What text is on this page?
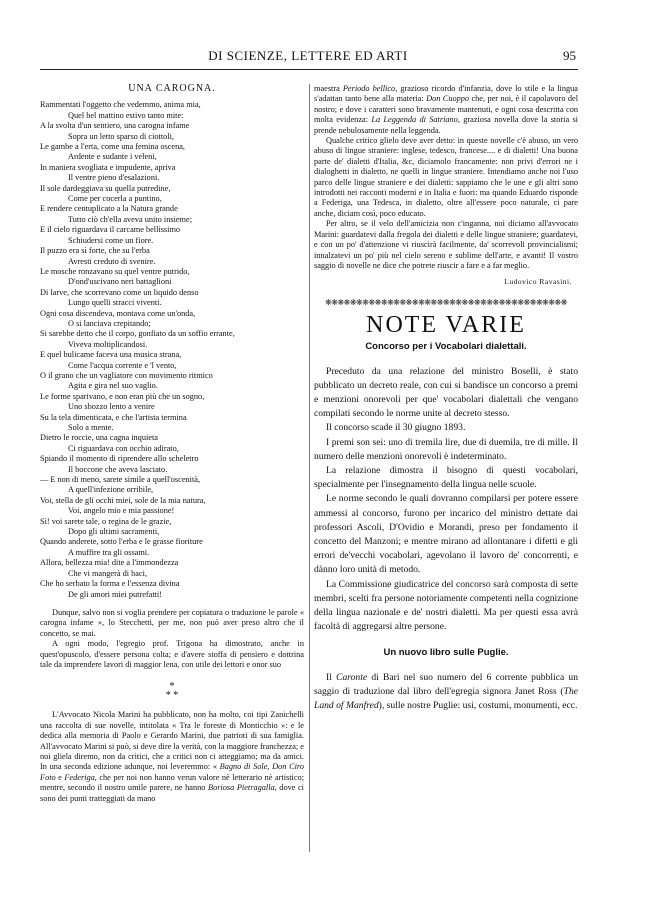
DI SCIENZE, LETTERE ED ARTI	95
UNA CAROGNA.
Rammentati l'oggetto che vedemmo, anima mia,
Quel bel mattino estivo tanto mite:
A la svolta d'un sentiero, una carogna infame
Sopra un letto sparso di ciottoli,
Le gambe a l'erta, come una femina oscena,
Ardente e sudante i veleni,
In maniera svogliata e impudente, apriva
Il ventre pieno d'esalazioni.
Il sole dardeggiava su quella putredine,
Come per cocerla a puntino,
E rendere centuplicato a la Natura grande
Tutto ciò ch'ella aveva unito insieme;
E il cielo riguardava il carcame bellissimo
Schiudersi come un fiore.
Il puzzo era sì forte, che su l'erba
Avresti creduto di svenire.
Le mosche ronzavano su quel ventre putrido,
D'ond'uscivano neri battaglioni
Di larve, che scorrevano come un liquido denso
Lungo quelli stracci viventi.
Ogni cosa discendeva, montava come un'onda,
O si lanciava crepitando;
Si sarebbe detto che il corpo, gonfiato da un soffio errante,
Viveva moltiplicandosi.
E quel bulicame faceva una musica strana,
Come l'acqua corrente e 'l vento,
O il grano che un vagliatore con movimento ritmico
Agita e gira nel suo vaglio.
Le forme sparivano, e non eran più che un sogno,
Uno sbozzo lento a venire
Su la tela dimenticata, e che l'artista termina
Solo a mente.
Dietro le roccie, una cagna inquieta
Ci riguardava con occhio adirato,
Spiando il momento di riprendere allo scheletro
Il boccone che aveva lasciato.
— E non di meno, sarete simile a quell'oscenità,
A quell'infezione orribile,
Voi, stella de gli occhi miei, sole de la mia natura,
Voi, angelo mio e mia passione!
Sì! voi sarete tale, o regina de le grazie,
Dopo gli ultimi sacramenti,
Quando anderete, sotto l'erba e le grasse fioriture
A muffire tra gli ossami.
Allora, bellezza mia! dite a l'immondezza
Che vi mangerà di baci,
Che ho serbato la forma e l'essenza divina
De gli amori miei putrefatti!

Dunque, salvo non si voglia prendere per copiatura o traduzione le parole « carogna infame », lo Stecchetti, per me, non può aver preso altro che il concetto, se mai.

A ogni modo, l'egregio prof. Trigona ha dimostrato, anche in quest'opuscolo, d'essere persona colta; e d'avere stoffa di pensiero e dottrina tale da imprendere lavori di maggior lena, con utile dei lettori e onor suo

*
* *

L'Avvocato Nicola Marini ha pubblicato, non ha molto, coi tipi Zanichelli una raccolta di sue novelle, intitolata « Tra le foreste di Monticchio »: e le dedica alla memoria di Paolo e Gerardo Marini, due patrioti di sua famiglia. All'avvocato Marini si può, si deve dire la verità, con la maggiore franchezza; e noi gliela diremo, non da critici, che a critici non ci atteggiamo; ma da amici. In una seconda edizione adunque, noi leveremmo: « Bagno di Sole, Don Ciro Foto e Federiga, che per noi non hanno verun valore nè letterario nè artistico; mentre, secondo il nostro umile parere, ne hanno Boriosa Pietragalla, dove ci sono dei punti tratteggiati da mano

maestra Periodo bellico, grazioso ricordo d'infanzia, dove lo stile e la lingua s'adattan tanto bene alla materia: Don Cuoppo che, per noi, è il capolavoro del nostro; e dove i caratteri sono bravamente mantenuti, e ogni cosa descritta con molta evidenza: La Leggenda di Satriano, graziosa novella dove la storia si prende nebulosamente nella leggenda.

Qualche critico glielo deve aver detto: in queste novelle c'è abuso, un vero abuso di lingue straniere: inglese, tedesco, francese.... e di dialetti! Una buona parte de' dialetti d'Italia, &c, diciamolo francamente: non privi d'errori ne i dialoghetti in dialetto, ne quelli in lingue straniere. Intendiamo anche noi l'uso parco delle lingue straniere e dei dialetti: sappiamo che le une e gli altri sono introdotti nei racconti moderni e in Italia e fuori: ma quando Eduardo risponde a Federiga, una Tedesca, in dialetto, oltre all'essere poco naturale, ci pare anche, diciam così, poco educato.

Per altro, se il velo dell'amicizia non c'inganna, noi diciamo all'avvocato Marini: guardatevi dalla fregola dei dialetti e delle lingue straniere; guardatevi, e con un po' d'attenzione vi riuscirà facilmente, da' scorrevoli provincialismi; innalzatevi un po' più nel cielo sereno e sublime dell'arte, e avanti! Il vostro saggio di novelle ne dice che potrete riuscir a fare e a far meglio.

Ludovico Ravasini.
❋❋❋❋❋❋❋❋❋❋❋❋❋❋❋❋❋❋❋❋❋❋❋❋❋❋❋❋❋❋❋❋❋❋❋❋❋❋❋
NOTE VARIE
Concorso per i Vocabolari dialettali.

Preceduto da una relazione del ministro Boselli, è stato pubblicato un decreto reale, con cui si bandisce un concorso a premi e menzioni onorevoli per que' vocabolari dialettali che vengano compilati secondo le norme unite al decreto stesso.

Il concorso scade il 30 giugno 1893.

I premi son sei: uno di tremila lire, due di duemila, tre di mille. Il numero delle menzioni onorevoli è indeterminato.

La relazione dimostra il bisogno di questi vocabolari, specialmente per l'insegnamento della lingua nelle scuole.

Le norme secondo le quali dovranno compilarsi per potere essere ammessi al concorso, furono per incarico del ministro dettate dai professori Ascoli, D'Ovidio e Morandi, preso per fondamento il concetto del Manzoni; e mentre mirano ad allontanare i difetti e gli errori de'vecchi vocabolari, agevolano il lavoro de' concorrenti, e dànno loro unità di metodo.

La Commissione giudicatrice del concorso sarà composta di sette membri, scelti fra persone notoriamente competenti nella cognizione della lingua nazionale e de' nostri dialetti. Ma per questi essa avrà facoltà di aggregarsi altre persone.

Un nuovo libro sulle Puglie.

Il Caronte di Bari nel suo numero del 6 corrente pubblica un saggio di traduzione dal libro dell'egregia signora Janet Ross (The Land of Manfred), sulle nostre Puglie: usi, costumi, monumenti, ecc.
